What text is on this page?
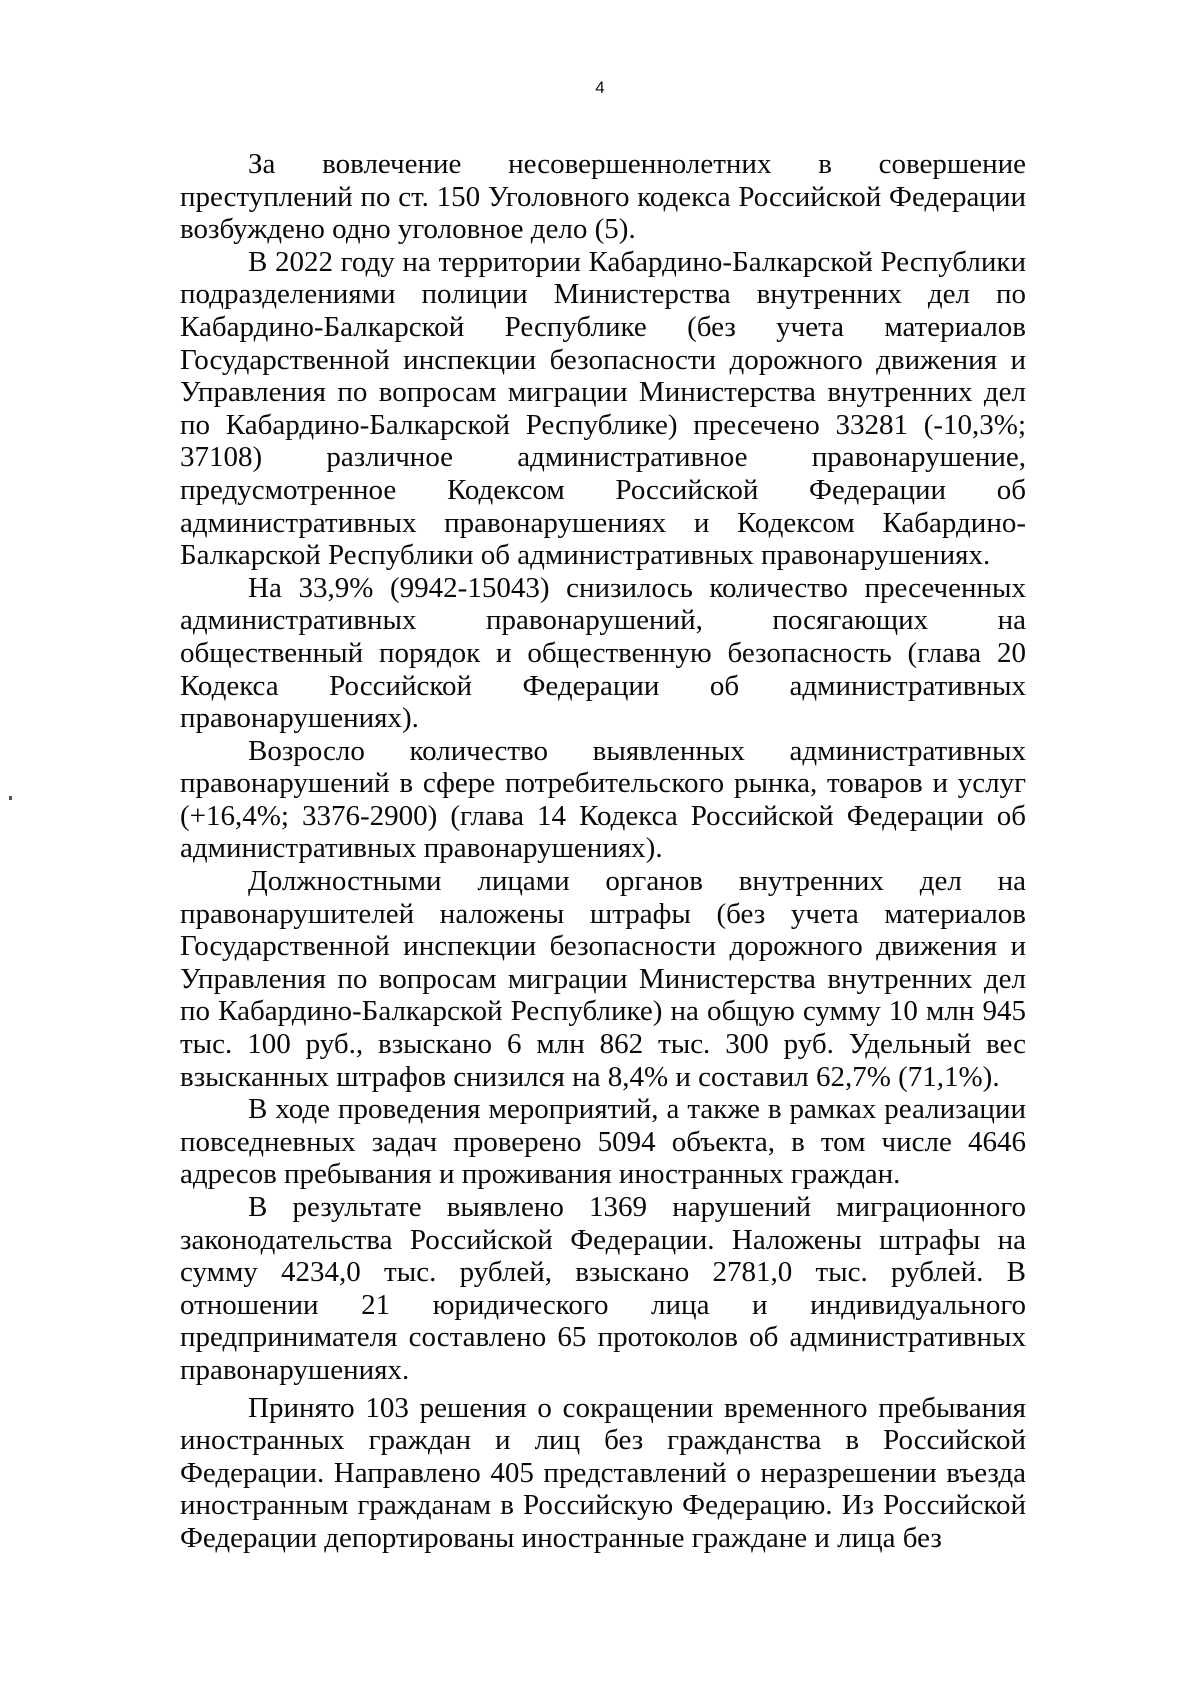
4

За вовлечение несовершеннолетних в совершение преступлений по ст. 150 Уголовного кодекса Российской Федерации возбуждено одно уголовное дело (5).

В 2022 году на территории Кабардино-Балкарской Республики подразделениями полиции Министерства внутренних дел по Кабардино-Балкарской Республике (без учета материалов Государственной инспекции безопасности дорожного движения и Управления по вопросам миграции Министерства внутренних дел по Кабардино-Балкарской Республике) пресечено 33281 (-10,3%; 37108) различное административное правонарушение, предусмотренное Кодексом Российской Федерации об административных правонарушениях и Кодексом Кабардино-Балкарской Республики об административных правонарушениях.

На 33,9% (9942-15043) снизилось количество пресеченных административных правонарушений, посягающих на общественный порядок и общественную безопасность (глава 20 Кодекса Российской Федерации об административных правонарушениях).

Возросло количество выявленных административных правонарушений в сфере потребительского рынка, товаров и услуг (+16,4%; 3376-2900) (глава 14 Кодекса Российской Федерации об административных правонарушениях).

Должностными лицами органов внутренних дел на правонарушителей наложены штрафы (без учета материалов Государственной инспекции безопасности дорожного движения и Управления по вопросам миграции Министерства внутренних дел по Кабардино-Балкарской Республике) на общую сумму 10 млн 945 тыс. 100 руб., взыскано 6 млн 862 тыс. 300 руб. Удельный вес взысканных штрафов снизился на 8,4% и составил 62,7% (71,1%).

В ходе проведения мероприятий, а также в рамках реализации повседневных задач проверено 5094 объекта, в том числе 4646 адресов пребывания и проживания иностранных граждан.

В результате выявлено 1369 нарушений миграционного законодательства Российской Федерации. Наложены штрафы на сумму 4234,0 тыс. рублей, взыскано 2781,0 тыс. рублей. В отношении 21 юридического лица и индивидуального предпринимателя составлено 65 протоколов об административных правонарушениях.

Принято 103 решения о сокращении временного пребывания иностранных граждан и лиц без гражданства в Российской Федерации. Направлено 405 представлений о неразрешении въезда иностранным гражданам в Российскую Федерацию. Из Российской Федерации депортированы иностранные граждане и лица без
